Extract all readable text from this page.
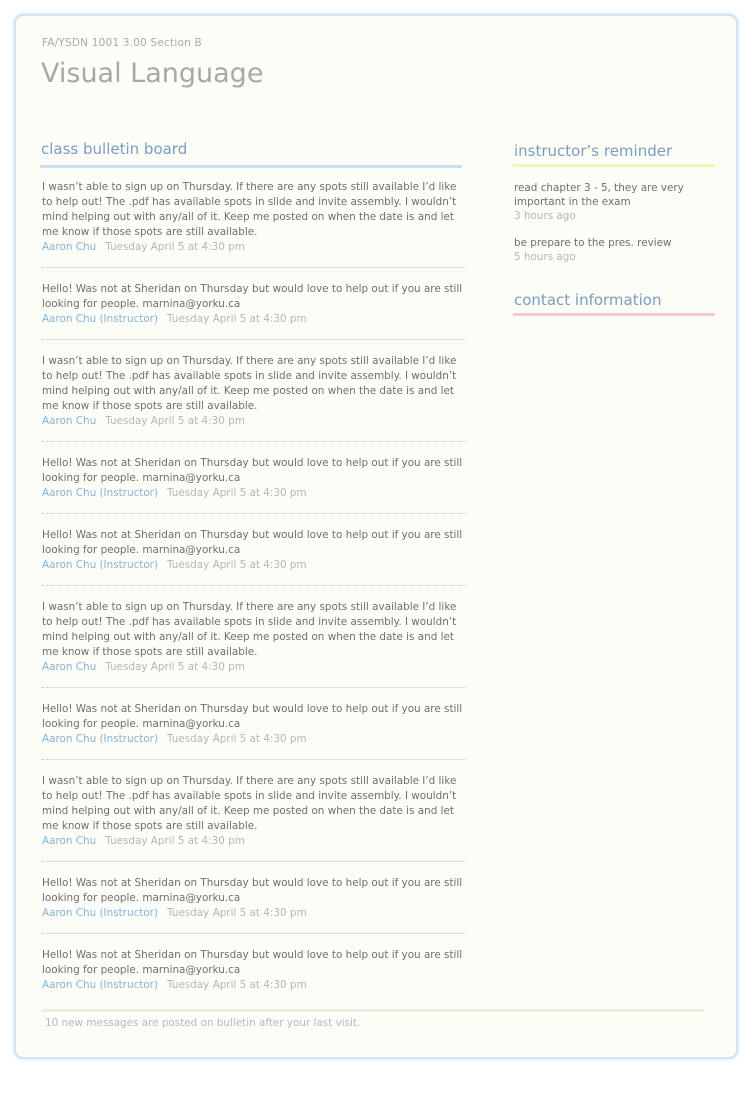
FA/YSDN 1001 3.00 Section B
Visual Language
class bulletin board

I wasn’t able to sign up on Thursday. If there are any spots still available I’d like to help out! The .pdf has available spots in slide and invite assembly. I wouldn’t mind helping out with any/all of it. Keep me posted on when the date is and let me know if those spots are still available.

Aaron Chu Tuesday April 5 at 4:30 pm

Hello! Was not at Sheridan on Thursday but would love to help out if you are still looking for people. marnina@yorku.ca

Aaron Chu (Instructor) Tuesday April 5 at 4:30 pm

I wasn’t able to sign up on Thursday. If there are any spots still available I’d like to help out! The .pdf has available spots in slide and invite assembly. I wouldn’t mind helping out with any/all of it. Keep me posted on when the date is and let me know if those spots are still available.

Aaron Chu Tuesday April 5 at 4:30 pm

Hello! Was not at Sheridan on Thursday but would love to help out if you are still looking for people. marnina@yorku.ca

Aaron Chu (Instructor) Tuesday April 5 at 4:30 pm

Hello! Was not at Sheridan on Thursday but would love to help out if you are still looking for people. marnina@yorku.ca

Aaron Chu (Instructor) Tuesday April 5 at 4:30 pm

I wasn’t able to sign up on Thursday. If there are any spots still available I’d like to help out! The .pdf has available spots in slide and invite assembly. I wouldn’t mind helping out with any/all of it. Keep me posted on when the date is and let me know if those spots are still available.

Aaron Chu Tuesday April 5 at 4:30 pm

Hello! Was not at Sheridan on Thursday but would love to help out if you are still looking for people. marnina@yorku.ca

Aaron Chu (Instructor) Tuesday April 5 at 4:30 pm

I wasn’t able to sign up on Thursday. If there are any spots still available I’d like to help out! The .pdf has available spots in slide and invite assembly. I wouldn’t mind helping out with any/all of it. Keep me posted on when the date is and let me know if those spots are still available.

Aaron Chu Tuesday April 5 at 4:30 pm

Hello! Was not at Sheridan on Thursday but would love to help out if you are still looking for people. marnina@yorku.ca

Aaron Chu (Instructor) Tuesday April 5 at 4:30 pm

Hello! Was not at Sheridan on Thursday but would love to help out if you are still looking for people. marnina@yorku.ca

Aaron Chu (Instructor) Tuesday April 5 at 4:30 pm

instructor’s reminder

read chapter 3 - 5, they are very important in the exam

3 hours ago

be prepare to the pres. review

5 hours ago

contact information
10 new messages are posted on bulletin after your last visit.
